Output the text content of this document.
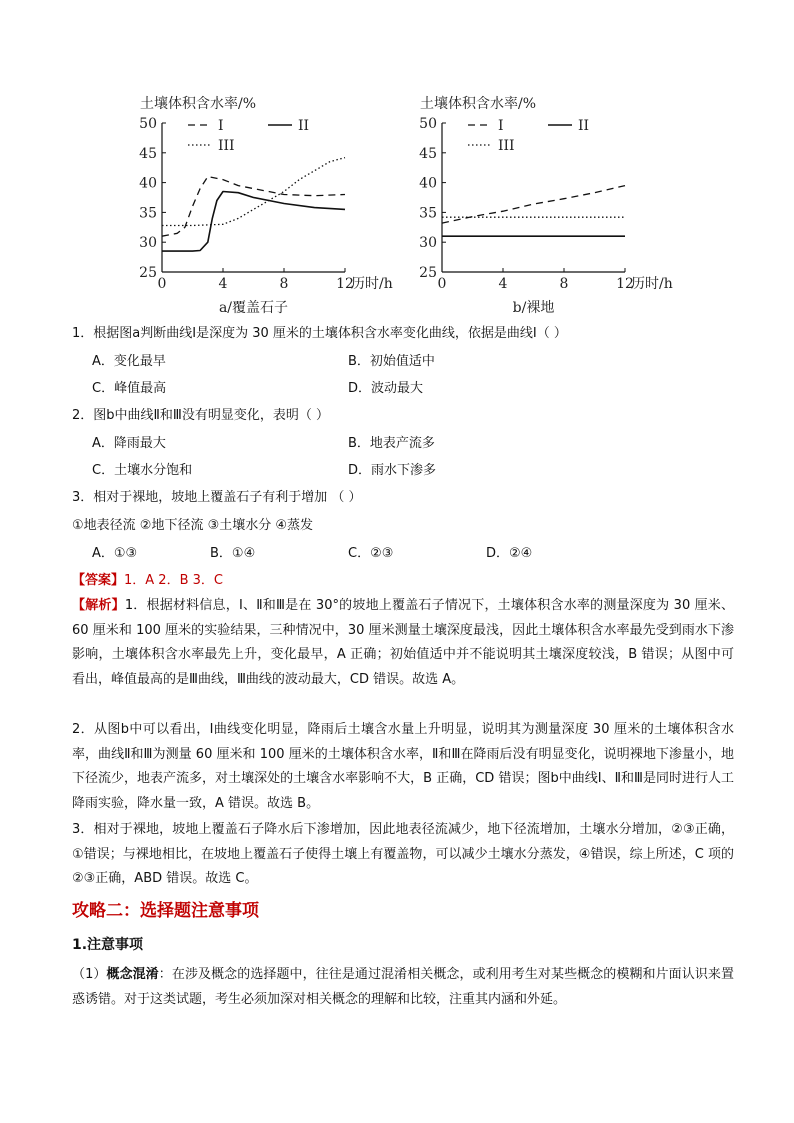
土壤体积含水率/%
25
30
35
40
45
50
0	4	8	12
历时/h
a/覆盖石子
I	II
III
土壤体积含水率/%
25
30
35
40
45
50
0	4	8	12
历时/h
b/裸地
I	II
III
1．根据图a判断曲线Ⅰ是深度为 30 厘米的土壤体积含水率变化曲线，依据是曲线Ⅰ（ ）
A．变化最早	B．初始值适中
C．峰值最高	D．波动最大
2．图b中曲线Ⅱ和Ⅲ没有明显变化，表明（ ）
A．降雨最大	B．地表产流多
C．土壤水分饱和	D．雨水下渗多
3．相对于裸地，坡地上覆盖石子有利于增加 （ ）
①地表径流 ②地下径流 ③土壤水分 ④蒸发
A．①③	B．①④	C．②③	D．②④
【答案】1．A 2．B 3．C
【解析】1．根据材料信息，Ⅰ、Ⅱ和Ⅲ是在 30°的坡地上覆盖石子情况下，土壤体积含水率的测量深度为 30 厘米、60 厘米和 100 厘米的实验结果，三种情况中，30 厘米测量土壤深度最浅，因此土壤体积含水率最先受到雨水下渗影响，土壤体积含水率最先上升，变化最早，A 正确；初始值适中并不能说明其土壤深度较浅，B 错误；从图中可看出，峰值最高的是Ⅲ曲线，Ⅲ曲线的波动最大，CD 错误。故选 A。
2．从图b中可以看出，Ⅰ曲线变化明显，降雨后土壤含水量上升明显，说明其为测量深度 30 厘米的土壤体积含水率，曲线Ⅱ和Ⅲ为测量 60 厘米和 100 厘米的土壤体积含水率，Ⅱ和Ⅲ在降雨后没有明显变化，说明裸地下渗量小，地下径流少，地表产流多，对土壤深处的土壤含水率影响不大，B 正确，CD 错误；图b中曲线Ⅰ、Ⅱ和Ⅲ是同时进行人工降雨实验，降水量一致，A 错误。故选 B。
3．相对于裸地，坡地上覆盖石子降水后下渗增加，因此地表径流减少，地下径流增加，土壤水分增加，②③正确，①错误；与裸地相比，在坡地上覆盖石子使得土壤上有覆盖物，可以减少土壤水分蒸发，④错误，综上所述，C 项的②③正确，ABD 错误。故选 C。
攻略二：选择题注意事项
1.注意事项
（1）概念混淆：在涉及概念的选择题中，往往是通过混淆相关概念，或利用考生对某些概念的模糊和片面认识来置惑诱错。对于这类试题，考生必须加深对相关概念的理解和比较，注重其内涵和外延。
